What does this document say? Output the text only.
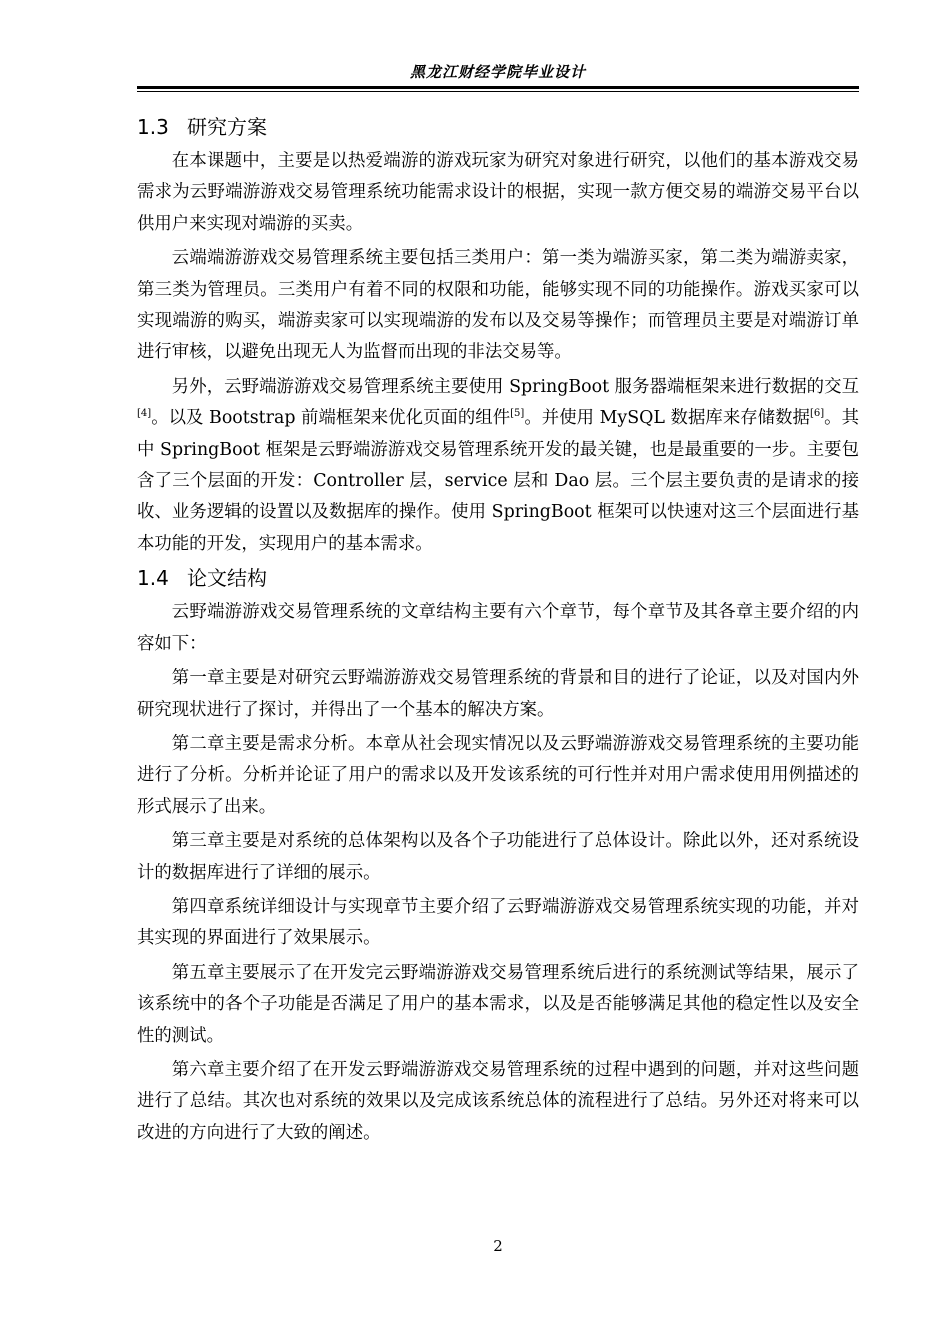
黑龙江财经学院毕业设计
1.3 研究方案

在本课题中，主要是以热爱端游的游戏玩家为研究对象进行研究，以他们的基本游戏交易需求为云野端游游戏交易管理系统功能需求设计的根据，实现一款方便交易的端游交易平台以供用户来实现对端游的买卖。

云端端游游戏交易管理系统主要包括三类用户：第一类为端游买家，第二类为端游卖家，第三类为管理员。三类用户有着不同的权限和功能，能够实现不同的功能操作。游戏买家可以实现端游的购买，端游卖家可以实现端游的发布以及交易等操作；而管理员主要是对端游订单进行审核，以避免出现无人为监督而出现的非法交易等。

另外，云野端游游戏交易管理系统主要使用 SpringBoot 服务器端框架来进行数据的交互[4]。以及 Bootstrap 前端框架来优化页面的组件[5]。并使用 MySQL 数据库来存储数据[6]。其中 SpringBoot 框架是云野端游游戏交易管理系统开发的最关键，也是最重要的一步。主要包含了三个层面的开发：Controller 层，service 层和 Dao 层。三个层主要负责的是请求的接收、业务逻辑的设置以及数据库的操作。使用 SpringBoot 框架可以快速对这三个层面进行基本功能的开发，实现用户的基本需求。

1.4 论文结构

云野端游游戏交易管理系统的文章结构主要有六个章节，每个章节及其各章主要介绍的内容如下：

第一章主要是对研究云野端游游戏交易管理系统的背景和目的进行了论证，以及对国内外研究现状进行了探讨，并得出了一个基本的解决方案。

第二章主要是需求分析。本章从社会现实情况以及云野端游游戏交易管理系统的主要功能进行了分析。分析并论证了用户的需求以及开发该系统的可行性并对用户需求使用用例描述的形式展示了出来。

第三章主要是对系统的总体架构以及各个子功能进行了总体设计。除此以外，还对系统设计的数据库进行了详细的展示。

第四章系统详细设计与实现章节主要介绍了云野端游游戏交易管理系统实现的功能，并对其实现的界面进行了效果展示。

第五章主要展示了在开发完云野端游游戏交易管理系统后进行的系统测试等结果，展示了该系统中的各个子功能是否满足了用户的基本需求，以及是否能够满足其他的稳定性以及安全性的测试。

第六章主要介绍了在开发云野端游游戏交易管理系统的过程中遇到的问题，并对这些问题进行了总结。其次也对系统的效果以及完成该系统总体的流程进行了总结。另外还对将来可以改进的方向进行了大致的阐述。

2
